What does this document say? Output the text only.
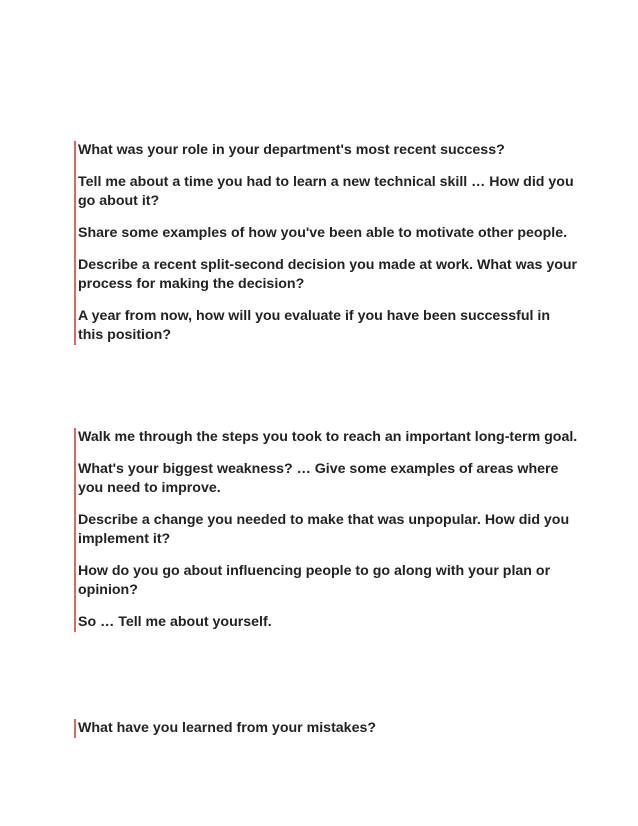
What was your role in your department's most recent success?

Tell me about a time you had to learn a new technical skill … How did you go about it?

Share some examples of how you've been able to motivate other people.

Describe a recent split-second decision you made at work. What was your process for making the decision?

A year from now, how will you evaluate if you have been successful in this position?

Walk me through the steps you took to reach an important long-term goal.

What's your biggest weakness? … Give some examples of areas where you need to improve.

Describe a change you needed to make that was unpopular. How did you implement it?

How do you go about influencing people to go along with your plan or opinion?

So … Tell me about yourself.

What have you learned from your mistakes?
